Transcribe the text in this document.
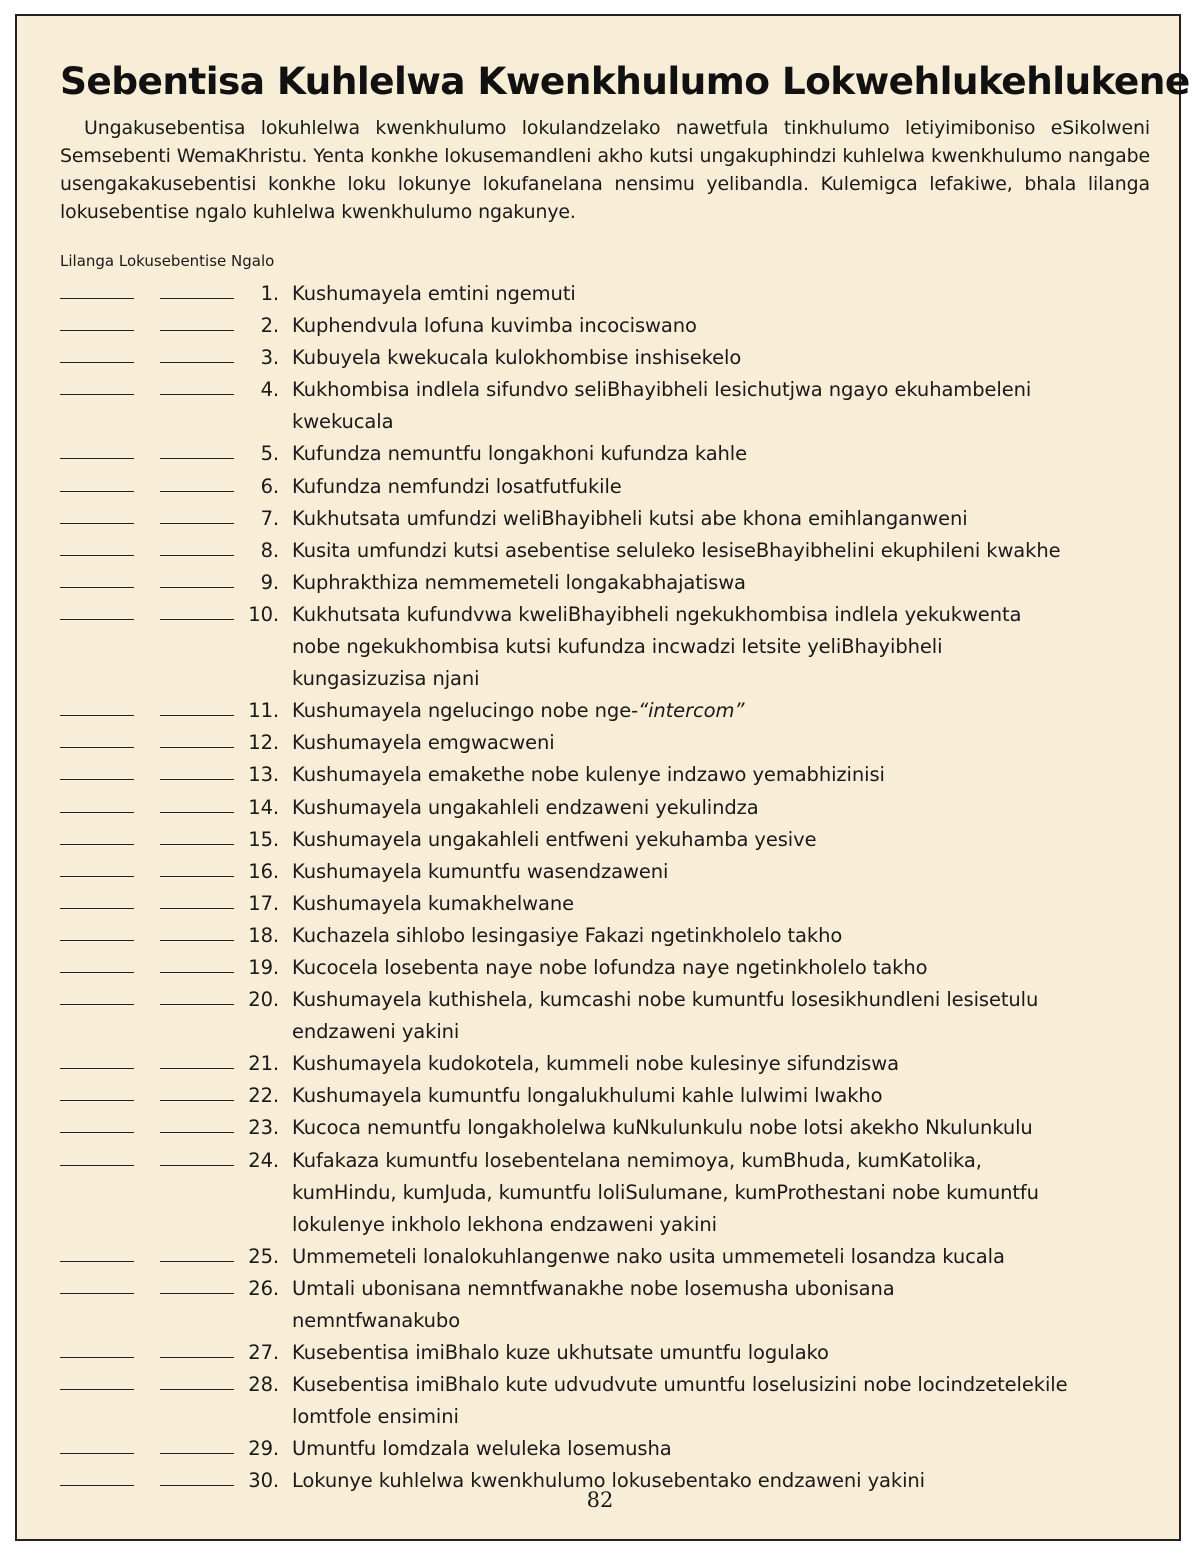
Sebentisa Kuhlelwa Kwenkhulumo Lokwehlukehlukene
Ungakusebentisa lokuhlelwa kwenkhulumo lokulandzelako nawetfula tinkhulumo letiyimiboniso eSikolweni Semsebenti WemaKhristu. Yenta konkhe lokusemandleni akho kutsi ungakuphindzi kuhlelwa kwenkhulumo nangabe usengakakusebentisi konkhe loku lokunye lokufanelana nensimu yelibandla. Kulemigca lefakiwe, bhala lilanga lokusebentise ngalo kuhlelwa kwenkhulumo ngakunye.
Lilanga Lokusebentise Ngalo
1. Kushumayela emtini ngemuti
2. Kuphendvula lofuna kuvimba incociswano
3. Kubuyela kwekucala kulokhombise inshisekelo
4. Kukhombisa indlela sifundvo seliBhayibheli lesichutjwa ngayo ekuhambeleni
kwekucala
5. Kufundza nemuntfu longakhoni kufundza kahle
6. Kufundza nemfundzi losatfutfukile
7. Kukhutsata umfundzi weliBhayibheli kutsi abe khona emihlanganweni
8. Kusita umfundzi kutsi asebentise seluleko lesiseBhayibhelini ekuphileni kwakhe
9. Kuphrakthiza nemmemeteli longakabhajatiswa
10. Kukhutsata kufundvwa kweliBhayibheli ngekukhombisa indlela yekukwenta
nobe ngekukhombisa kutsi kufundza incwadzi letsite yeliBhayibheli
kungasizuzisa njani
11. Kushumayela ngelucingo nobe nge-“intercom”
12. Kushumayela emgwacweni
13. Kushumayela emakethe nobe kulenye indzawo yemabhizinisi
14. Kushumayela ungakahleli endzaweni yekulindza
15. Kushumayela ungakahleli entfweni yekuhamba yesive
16. Kushumayela kumuntfu wasendzaweni
17. Kushumayela kumakhelwane
18. Kuchazela sihlobo lesingasiye Fakazi ngetinkholelo takho
19. Kucocela losebenta naye nobe lofundza naye ngetinkholelo takho
20. Kushumayela kuthishela, kumcashi nobe kumuntfu losesikhundleni lesisetulu
endzaweni yakini
21. Kushumayela kudokotela, kummeli nobe kulesinye sifundziswa
22. Kushumayela kumuntfu longalukhulumi kahle lulwimi lwakho
23. Kucoca nemuntfu longakholelwa kuNkulunkulu nobe lotsi akekho Nkulunkulu
24. Kufakaza kumuntfu losebentelana nemimoya, kumBhuda, kumKatolika,
kumHindu, kumJuda, kumuntfu loliSulumane, kumProthestani nobe kumuntfu
lokulenye inkholo lekhona endzaweni yakini
25. Ummemeteli lonalokuhlangenwe nako usita ummemeteli losandza kucala
26. Umtali ubonisana nemntfwanakhe nobe losemusha ubonisana
nemntfwanakubo
27. Kusebentisa imiBhalo kuze ukhutsate umuntfu logulako
28. Kusebentisa imiBhalo kute udvudvute umuntfu loselusizini nobe locindzetelekile
lomtfole ensimini
29. Umuntfu lomdzala weluleka losemusha
30. Lokunye kuhlelwa kwenkhulumo lokusebentako endzaweni yakini
82
